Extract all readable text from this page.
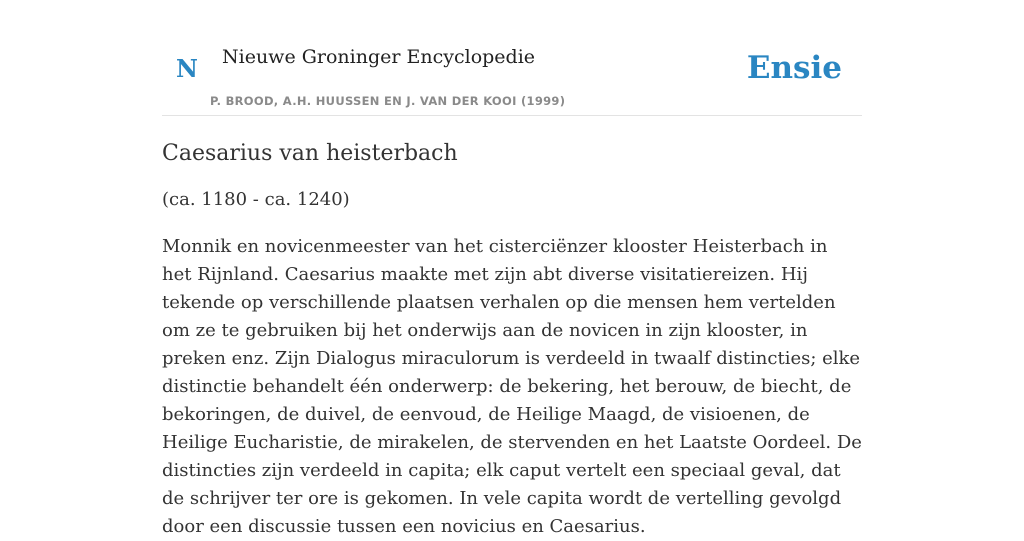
N Nieuwe Groninger Encyclopedie
P. BROOD, A.H. HUUSSEN EN J. VAN DER KOOI (1999)
Ensie
Caesarius van heisterbach

(ca. 1180 - ca. 1240)

Monnik en novicenmeester van het cisterciënzer klooster Heisterbach in het Rijnland. Caesarius maakte met zijn abt diverse visitatiereizen. Hij tekende op verschillende plaatsen verhalen op die mensen hem vertelden om ze te gebruiken bij het onderwijs aan de novicen in zijn klooster, in preken enz. Zijn Dialogus miraculorum is verdeeld in twaalf distincties; elke distinctie behandelt één onderwerp: de bekering, het berouw, de biecht, de bekoringen, de duivel, de eenvoud, de Heilige Maagd, de visioenen, de Heilige Eucharistie, de mirakelen, de stervenden en het Laatste Oordeel. De distincties zijn verdeeld in capita; elk caput vertelt een speciaal geval, dat de schrijver ter ore is gekomen. In vele capita wordt de vertelling gevolgd door een discussie tussen een novicius en Caesarius.
